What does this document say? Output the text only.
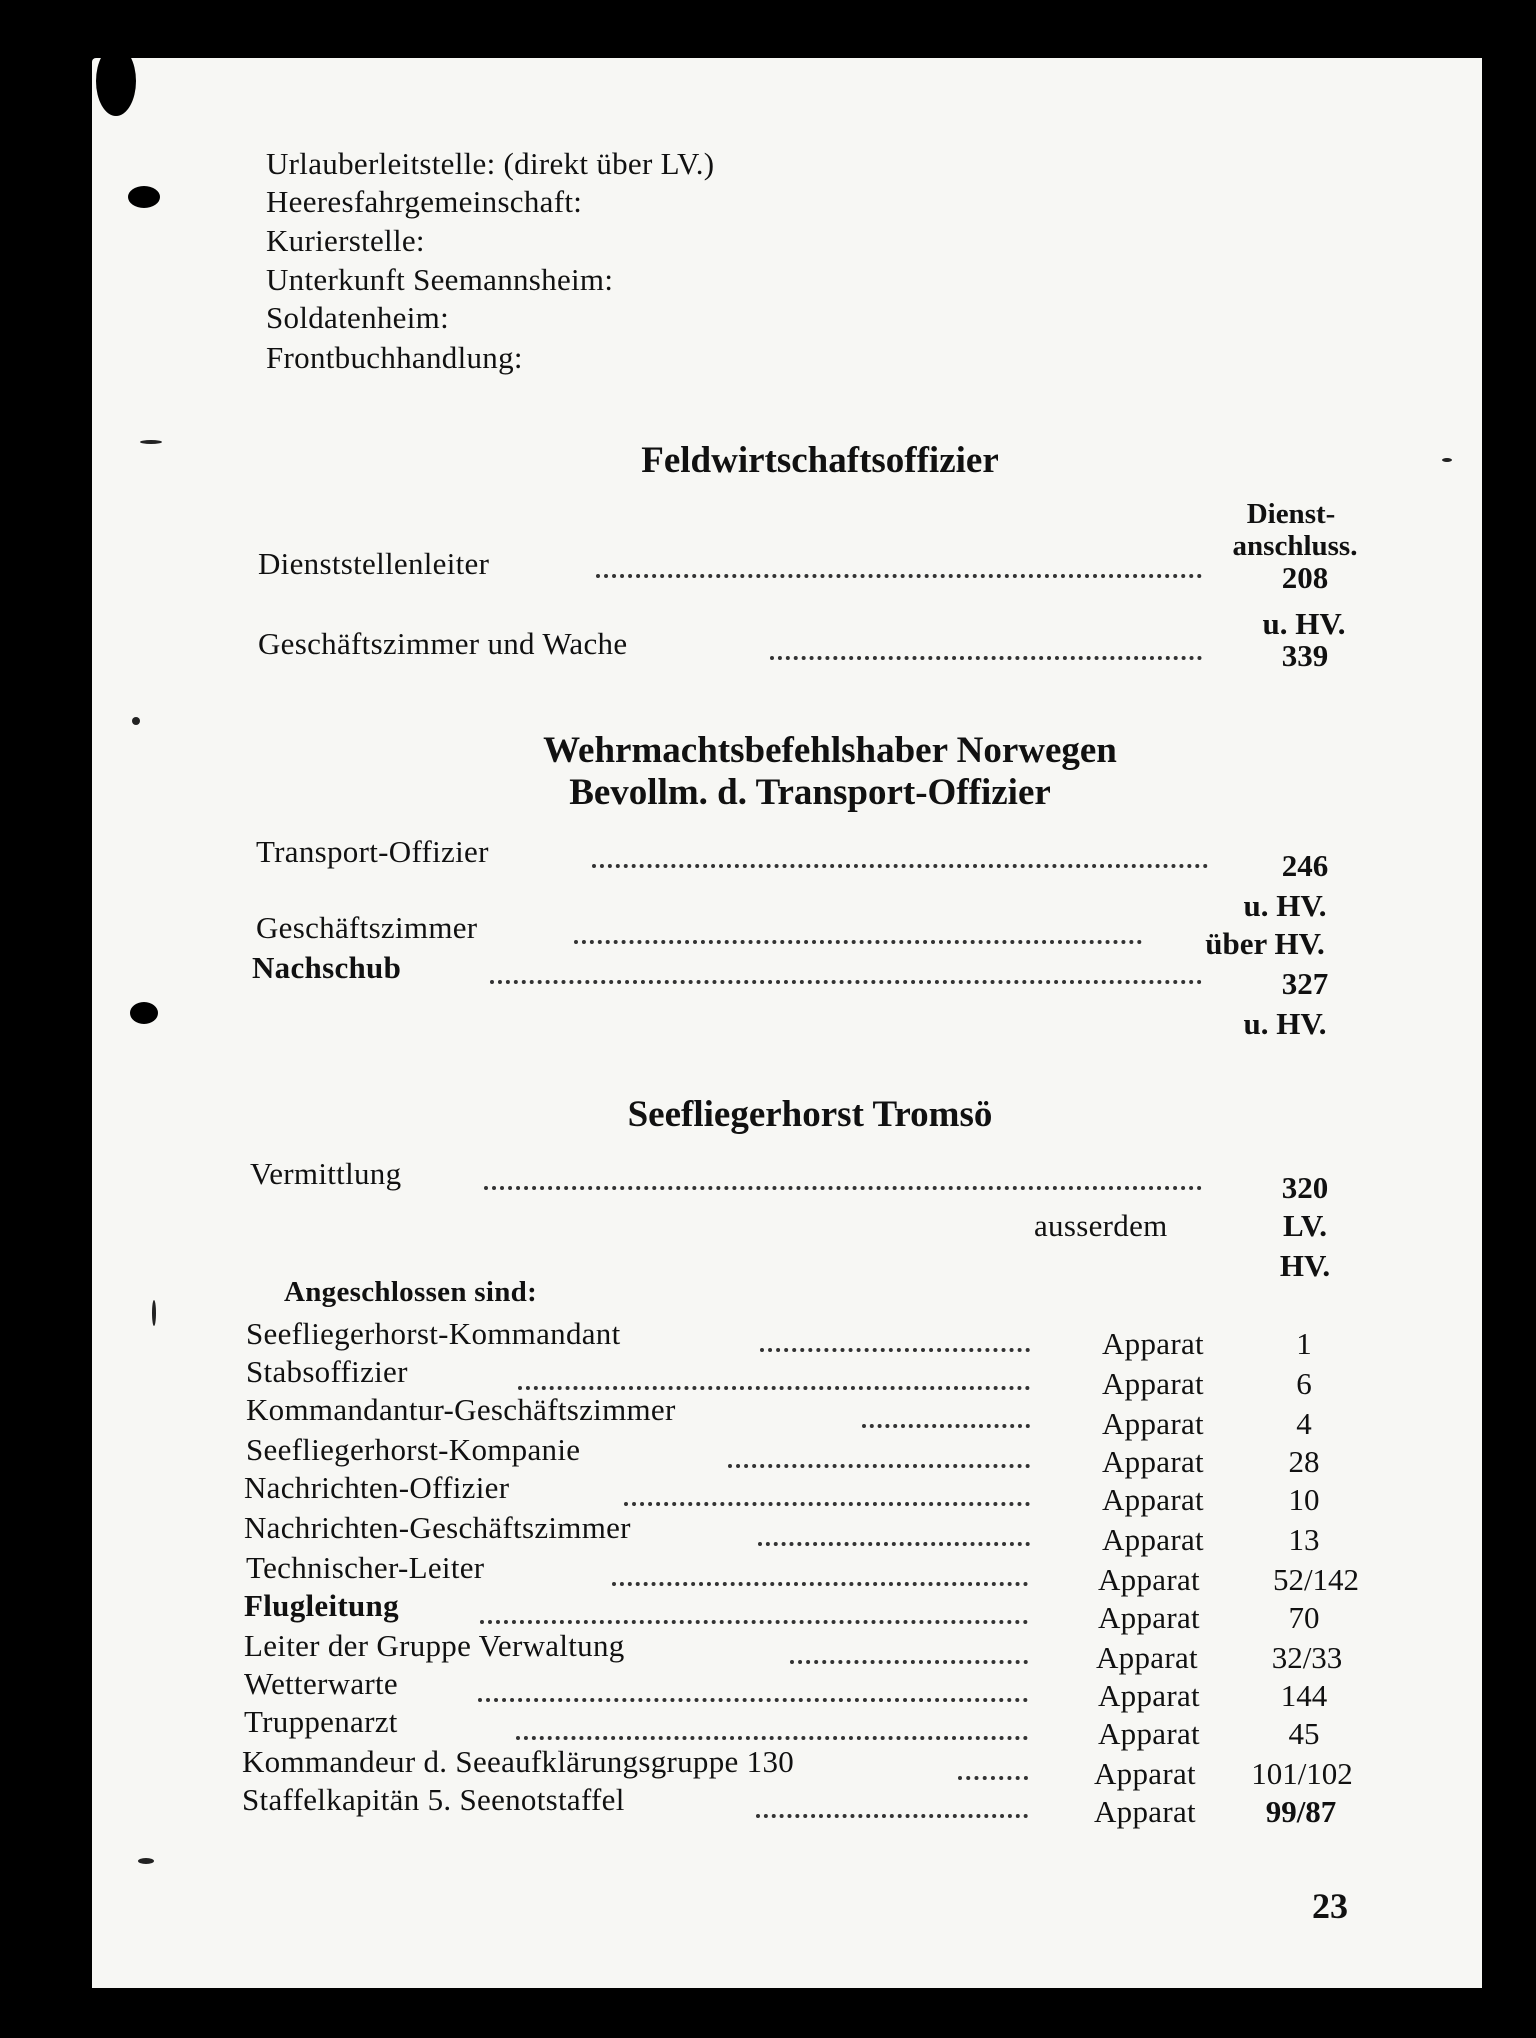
Urlauberleitstelle: (direkt über LV.)
Heeresfahrgemeinschaft:
Kurierstelle:
Unterkunft Seemannsheim:
Soldatenheim:
Frontbuchhandlung:
Feldwirtschaftsoffizier
Dienst-
anschluss.
Dienststellenleiter	208
u. HV.
Geschäftszimmer und Wache	339
Wehrmachtsbefehlshaber Norwegen
Bevollm. d. Transport-Offizier
Transport-Offizier	246
u. HV.
Geschäftszimmer	über HV.
Nachschub	327
u. HV.
Seefliegerhorst Tromsö
Vermittlung	320
ausserdem	LV.
HV.
Angeschlossen sind:
Seefliegerhorst-Kommandant	Apparat	1
Stabsoffizier	Apparat	6
Kommandantur-Geschäftszimmer	Apparat	4
Seefliegerhorst-Kompanie	Apparat	28
Nachrichten-Offizier	Apparat	10
Nachrichten-Geschäftszimmer	Apparat	13
Technischer-Leiter	Apparat	52/142
Flugleitung	Apparat	70
Leiter der Gruppe Verwaltung	Apparat	32/33
Wetterwarte	Apparat	144
Truppenarzt	Apparat	45
Kommandeur d. Seeaufklärungsgruppe 130	Apparat	101/102
Staffelkapitän 5. Seenotstaffel	Apparat	99/87
23
